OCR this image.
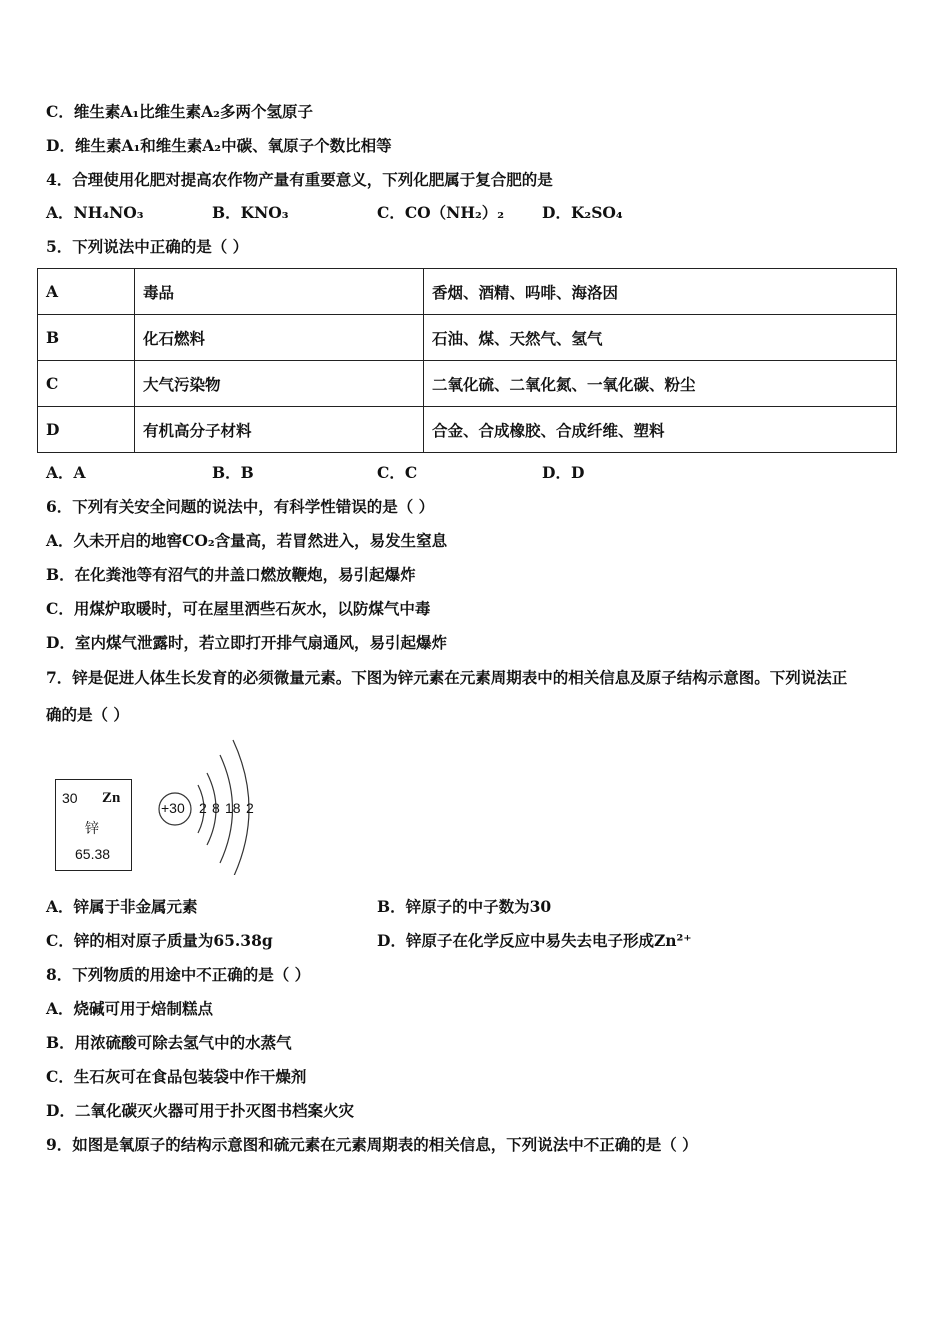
C．维生素A₁比维生素A₂多两个氢原子
D．维生素A₁和维生素A₂中碳、氧原子个数比相等
4．合理使用化肥对提高农作物产量有重要意义，下列化肥属于复合肥的是
A．NH₄NO₃	B．KNO₃	C．CO（NH₂）₂ D．K₂SO₄
5．下列说法中正确的是（ ）
A	毒品	香烟、酒精、吗啡、海洛因
B	化石燃料	石油、煤、天然气、氢气
C	大气污染物	二氧化硫、二氧化氮、一氧化碳、粉尘
D	有机高分子材料	合金、合成橡胶、合成纤维、塑料
A．A	B．B	C．C	D．D
6．下列有关安全问题的说法中，有科学性错误的是（ ）
A．久未开启的地窖CO₂含量高，若冒然进入，易发生窒息
B．在化粪池等有沼气的井盖口燃放鞭炮，易引起爆炸
C．用煤炉取暖时，可在屋里洒些石灰水，以防煤气中毒
D．室内煤气泄露时，若立即打开排气扇通风，易引起爆炸
7．锌是促进人体生长发育的必须微量元素。下图为锌元素在元素周期表中的相关信息及原子结构示意图。下列说法正
确的是（ ）
30 Zn
锌
65.38
+30 2 8 18 2
A．锌属于非金属元素	B．锌原子的中子数为30
C．锌的相对原子质量为65.38g	D．锌原子在化学反应中易失去电子形成Zn²⁺
8．下列物质的用途中不正确的是（ ）
A．烧碱可用于焙制糕点
B．用浓硫酸可除去氢气中的水蒸气
C．生石灰可在食品包装袋中作干燥剂
D．二氧化碳灭火器可用于扑灭图书档案火灾
9．如图是氧原子的结构示意图和硫元素在元素周期表的相关信息，下列说法中不正确的是（ ）
